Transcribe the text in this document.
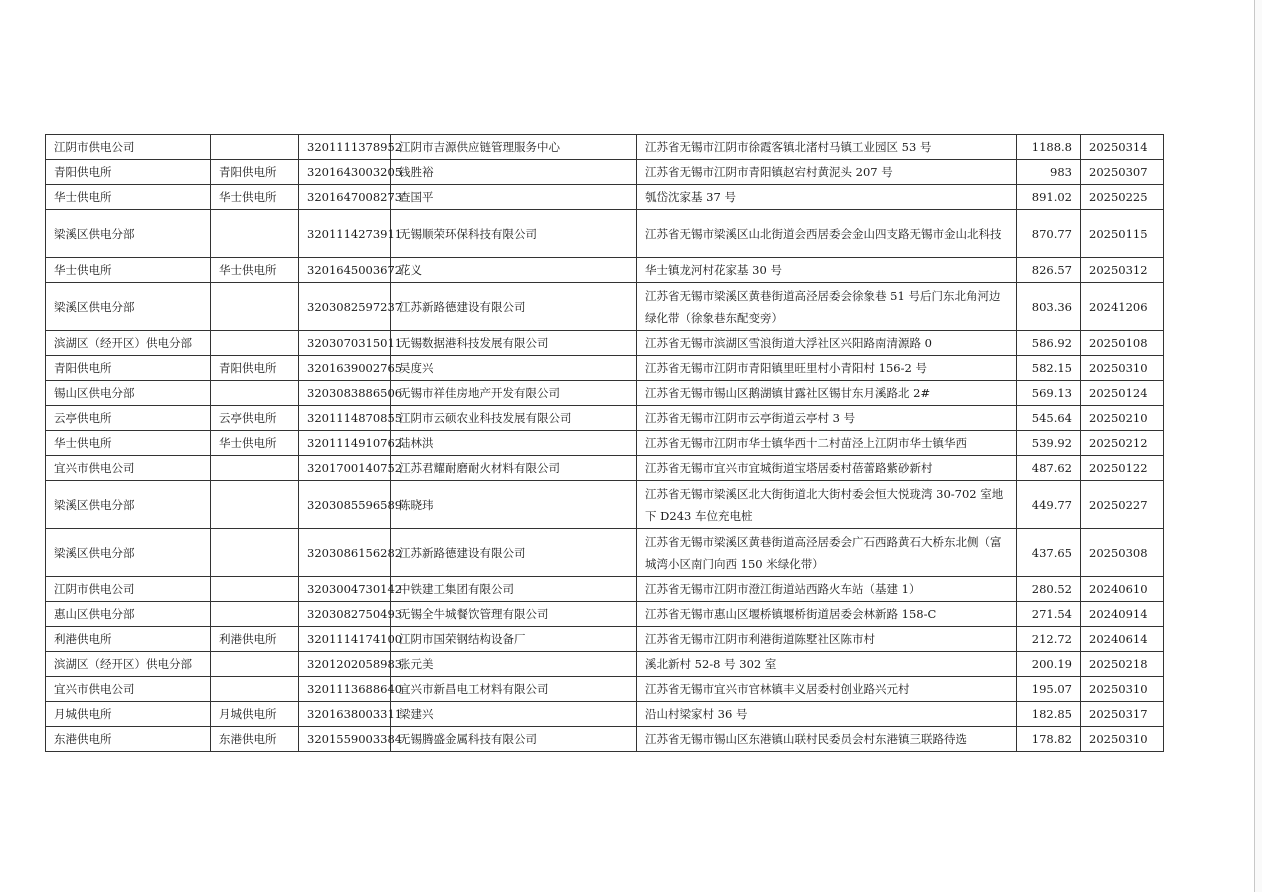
江阴市供电公司		3201111378952	江阴市吉源供应链管理服务中心	江苏省无锡市江阴市徐霞客镇北渚村马镇工业园区 53 号	1188.8	20250314
青阳供电所	青阳供电所	3201643003205	钱胜裕	江苏省无锡市江阴市青阳镇赵宕村黄泥头 207 号	983	20250307
华士供电所	华士供电所	3201647008273	查国平	瓠岱沈家基 37 号	891.02	20250225
梁溪区供电分部		3201114273911	无锡顺荣环保科技有限公司	江苏省无锡市梁溪区山北街道会西居委会金山四支路无锡市金山北科技	870.77	20250115
华士供电所	华士供电所	3201645003672	花义	华士镇龙河村花家基 30 号	826.57	20250312
梁溪区供电分部		3203082597237	江苏新路德建设有限公司	江苏省无锡市梁溪区黄巷街道高泾居委会徐象巷 51 号后门东北角河边绿化带（徐象巷东配变旁）	803.36	20241206
滨湖区（经开区）供电分部		3203070315011	无锡数据港科技发展有限公司	江苏省无锡市滨湖区雪浪街道大浮社区兴阳路南清源路 0	586.92	20250108
青阳供电所	青阳供电所	3201639002765	吴度兴	江苏省无锡市江阴市青阳镇里旺里村小青阳村 156-2 号	582.15	20250310
锡山区供电分部		3203083886506	无锡市祥佳房地产开发有限公司	江苏省无锡市锡山区鹅湖镇甘露社区锡甘东月溪路北 2#	569.13	20250124
云亭供电所	云亭供电所	3201114870855	江阴市云硕农业科技发展有限公司	江苏省无锡市江阴市云亭街道云亭村 3 号	545.64	20250210
华士供电所	华士供电所	3201114910762	陆林洪	江苏省无锡市江阴市华士镇华西十二村苗泾上江阴市华士镇华西	539.92	20250212
宜兴市供电公司		3201700140752	江苏君耀耐磨耐火材料有限公司	江苏省无锡市宜兴市宜城街道宝塔居委村蓓蕾路紫砂新村	487.62	20250122
梁溪区供电分部		3203085596589	陈晓玮	江苏省无锡市梁溪区北大街街道北大街村委会恒大悦珑湾 30-702 室地下 D243 车位充电桩	449.77	20250227
梁溪区供电分部		3203086156282	江苏新路德建设有限公司	江苏省无锡市梁溪区黄巷街道高泾居委会广石西路黄石大桥东北侧（富城湾小区南门向西 150 米绿化带）	437.65	20250308
江阴市供电公司		3203004730142	中铁建工集团有限公司	江苏省无锡市江阴市澄江街道站西路火车站（基建 1）	280.52	20240610
惠山区供电分部		3203082750493	无锡全牛城餐饮管理有限公司	江苏省无锡市惠山区堰桥镇堰桥街道居委会林新路 158-C	271.54	20240914
利港供电所	利港供电所	3201114174100	江阴市国荣钢结构设备厂	江苏省无锡市江阴市利港街道陈墅社区陈市村	212.72	20240614
滨湖区（经开区）供电分部		3201202058983	张元美	溪北新村 52-8 号 302 室	200.19	20250218
宜兴市供电公司		3201113688640	宜兴市新昌电工材料有限公司	江苏省无锡市宜兴市官林镇丰义居委村创业路兴元村	195.07	20250310
月城供电所	月城供电所	3201638003311	梁建兴	沿山村梁家村 36 号	182.85	20250317
东港供电所	东港供电所	3201559003384	无锡腾盛金属科技有限公司	江苏省无锡市锡山区东港镇山联村民委员会村东港镇三联路待选	178.82	20250310
